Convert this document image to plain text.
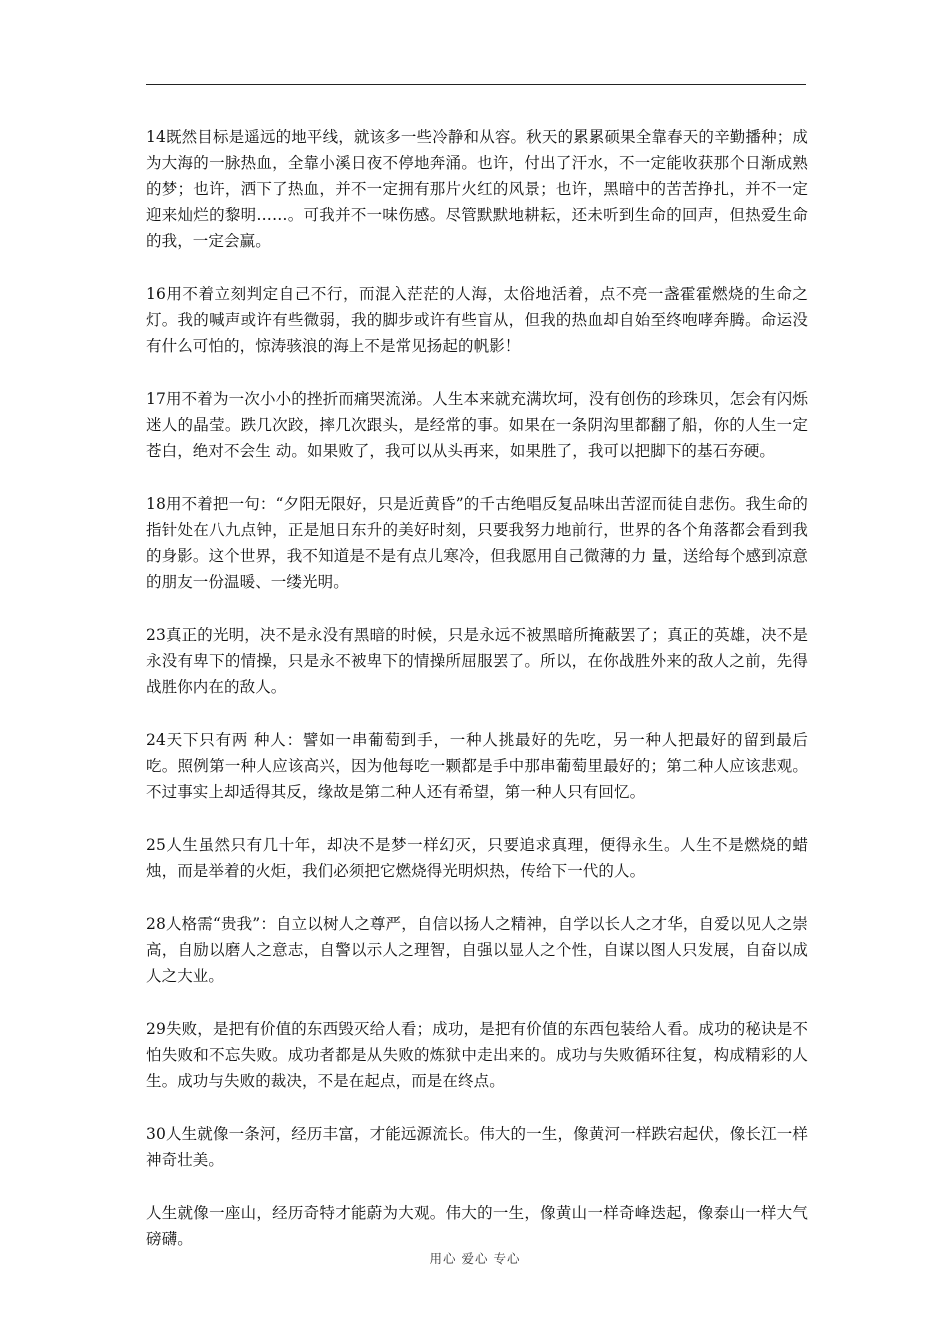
14既然目标是遥远的地平线，就该多一些冷静和从容。秋天的累累硕果全靠春天的辛勤播种；成为大海的一脉热血，全靠小溪日夜不停地奔涌。也许，付出了汗水，不一定能收获那个日渐成熟的梦；也许，洒下了热血，并不一定拥有那片火红的风景；也许，黑暗中的苦苦挣扎，并不一定迎来灿烂的黎明……。可我并不一味伤感。尽管默默地耕耘，还未听到生命的回声，但热爱生命的我，一定会赢。

16用不着立刻判定自己不行，而混入茫茫的人海，太俗地活着，点不亮一盏霍霍燃烧的生命之灯。我的喊声或许有些微弱，我的脚步或许有些盲从，但我的热血却自始至终咆哮奔腾。命运没有什么可怕的，惊涛骇浪的海上不是常见扬起的帆影！

17用不着为一次小小的挫折而痛哭流涕。人生本来就充满坎坷，没有创伤的珍珠贝，怎会有闪烁迷人的晶莹。跌几次跤，摔几次跟头，是经常的事。如果在一条阴沟里都翻了船，你的人生一定苍白，绝对不会生 动。如果败了，我可以从头再来，如果胜了，我可以把脚下的基石夯硬。

18用不着把一句：“夕阳无限好，只是近黄昏”的千古绝唱反复品味出苦涩而徒自悲伤。我生命的指针处在八九点钟，正是旭日东升的美好时刻，只要我努力地前行，世界的各个角落都会看到我的身影。这个世界，我不知道是不是有点儿寒冷，但我愿用自己微薄的力 量，送给每个感到凉意的朋友一份温暖、一缕光明。

23真正的光明，决不是永没有黑暗的时候，只是永远不被黑暗所掩蔽罢了；真正的英雄，决不是永没有卑下的情操，只是永不被卑下的情操所屈服罢了。所以，在你战胜外来的敌人之前，先得战胜你内在的敌人。

24天下只有两 种人：譬如一串葡萄到手，一种人挑最好的先吃，另一种人把最好的留到最后吃。照例第一种人应该高兴，因为他每吃一颗都是手中那串葡萄里最好的；第二种人应该悲观。不过事实上却适得其反，缘故是第二种人还有希望，第一种人只有回忆。

25人生虽然只有几十年，却决不是梦一样幻灭，只要追求真理，便得永生。人生不是燃烧的蜡烛，而是举着的火炬，我们必须把它燃烧得光明炽热，传给下一代的人。

28人格需“贵我”：自立以树人之尊严，自信以扬人之精神，自学以长人之才华，自爱以见人之崇高，自励以磨人之意志，自警以示人之理智，自强以显人之个性，自谋以图人只发展，自奋以成人之大业。

29失败，是把有价值的东西毁灭给人看；成功，是把有价值的东西包装给人看。成功的秘诀是不怕失败和不忘失败。成功者都是从失败的炼狱中走出来的。成功与失败循环往复，构成精彩的人生。成功与失败的裁决，不是在起点，而是在终点。

30人生就像一条河，经历丰富，才能远源流长。伟大的一生，像黄河一样跌宕起伏，像长江一样神奇壮美。

人生就像一座山，经历奇特才能蔚为大观。伟大的一生，像黄山一样奇峰迭起，像泰山一样大气磅礴。

用心 爱心 专心
